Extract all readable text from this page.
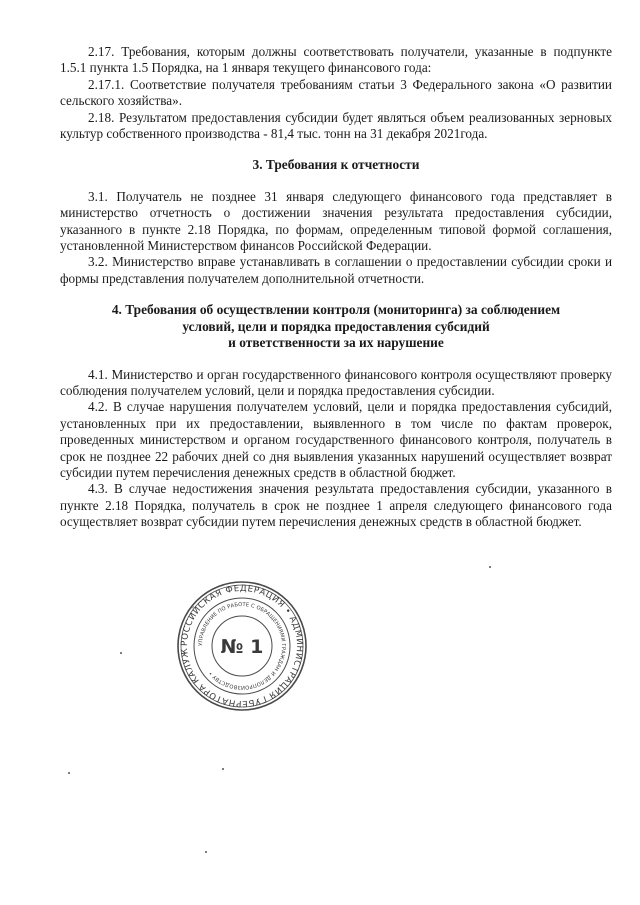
2.17. Требования, которым должны соответствовать получатели, указанные в подпункте 1.5.1 пункта 1.5 Порядка, на 1 января текущего финансового года:

2.17.1. Соответствие получателя требованиям статьи 3 Федерального закона «О развитии сельского хозяйства».

2.18. Результатом предоставления субсидии будет являться объем реализованных зерновых культур собственного производства - 81,4 тыс. тонн на 31 декабря 2021года.

3. Требования к отчетности

3.1. Получатель не позднее 31 января следующего финансового года представляет в министерство отчетность о достижении значения результата предоставления субсидии, указанного в пункте 2.18 Порядка, по формам, определенным типовой формой соглашения, установленной Министерством финансов Российской Федерации.

3.2. Министерство вправе устанавливать в соглашении о предоставлении субсидии сроки и формы представления получателем дополнительной отчетности.

4. Требования об осуществлении контроля (мониторинга) за соблюдением

условий, цели и порядка предоставления субсидий

и ответственности за их нарушение

4.1. Министерство и орган государственного финансового контроля осуществляют проверку соблюдения получателем условий, цели и порядка предоставления субсидии.

4.2. В случае нарушения получателем условий, цели и порядка предоставления субсидий, установленных при их предоставлении, выявленного в том числе по фактам проверок, проведенных министерством и органом государственного финансового контроля, получатель в срок не позднее 22 рабочих дней со дня выявления указанных нарушений осуществляет возврат субсидии путем перечисления денежных средств в областной бюджет.

4.3. В случае недостижения значения результата предоставления субсидии, указанного в пункте 2.18 Порядка, получатель в срок не позднее 1 апреля следующего финансового года осуществляет возврат субсидии путем перечисления денежных средств в областной бюджет.

РОССИЙСКАЯ ФЕДЕРАЦИЯ • АДМИНИСТРАЦИЯ ГУБЕРНАТОРА КАЛУЖ
УПРАВЛЕНИЕ ПО РАБОТЕ С ОБРАЩЕНИЯМИ ГРАЖДАН И ДЕЛОПРОИЗВОДСТВУ •
№ 1
